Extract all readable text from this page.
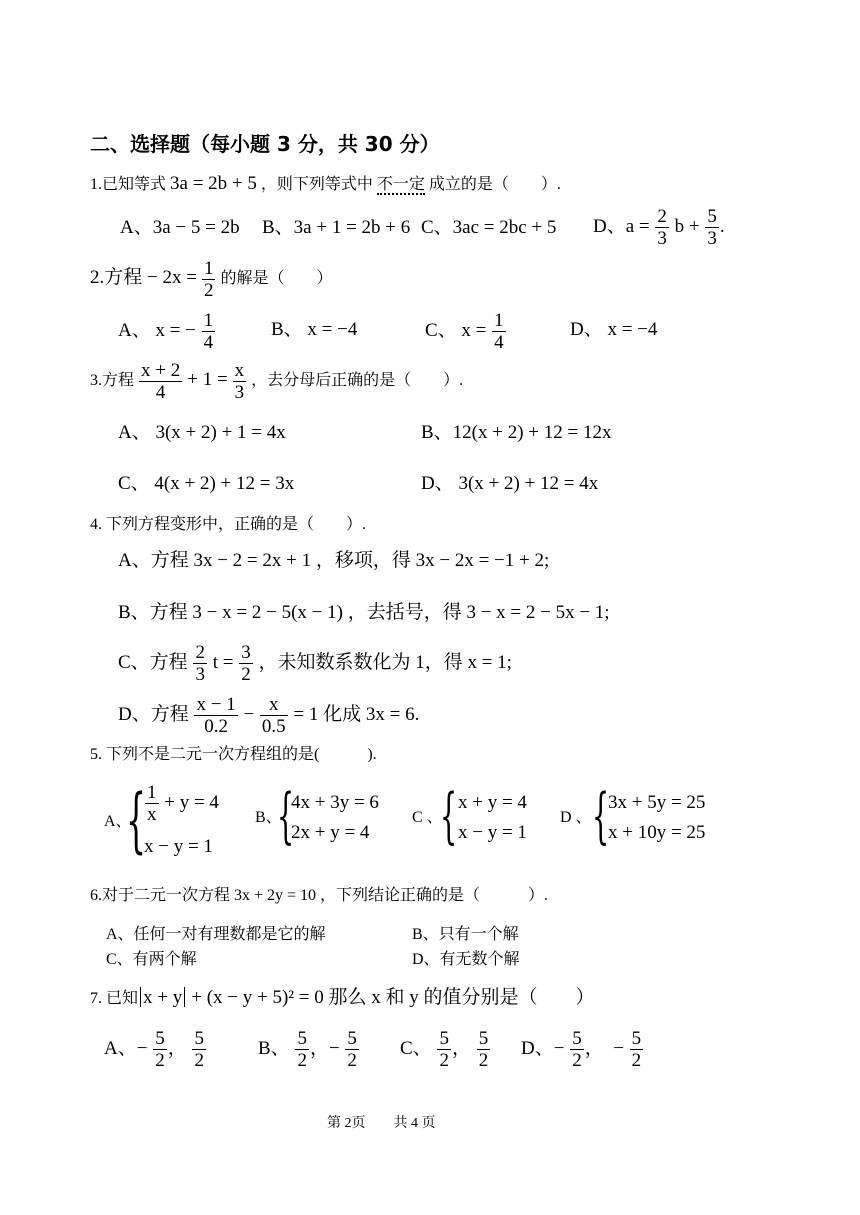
二、选择题（每小题 3 分，共 30 分）
1.已知等式 3a = 2b + 5 ，则下列等式中 不一定 成立的是（　　）.
A、3a − 5 = 2b B、3a + 1 = 2b + 6 C、3ac = 2bc + 5 D、$a = \frac{2}{3}$ $b + \frac{5}{3}$ .
2.方程 − $2x = \frac{1}{2}$ 的解是（　　）
A、 x = − $\frac{1}{4}$	B、 x = −4	C、 $x = \frac{1}{4}$	D、 x = −4
3.方程 $\frac{x + 2}{4} + 1 = \frac{x}{3}$ ，去分母后正确的是（　　）.
A、 3(x + 2) + 1 = 4x	B、12(x + 2) + 12 = 12x
C、 4(x + 2) + 12 = 3x	D、 3(x + 2) + 12 = 4x
4. 下列方程变形中，正确的是（　　）.
A、方程 3x − 2 = 2x + 1 ，移项，得 3x − 2x = −1 + 2;
B、方程 3 − x = 2 − 5(x − 1) ，去括号，得 3 − x = 2 − 5x − 1;
C、方程 $\frac{2}{3}$ $t = \frac{3}{2}$ ，未知数系数化为 1，得 x = 1;
D、方程 $\frac{x - 1}{0.2} - \frac{x}{0.5} = 1$ 化成 3x = 6.
5. 下列不是二元一次方程组的是(　　　).
A、
{
$\frac{1}{x} + y = 4$
x − y = 1
B、
{
4x + 3y = 6
2x + y = 4
C 、
{ x + y = 4
x − y = 1
D 、 {
3x + 5y = 25
x + 10y = 25
6.对于二元一次方程 3x + 2y = 10 ，下列结论正确的是（　　　）.
A、任何一对有理数都是它的解	B、只有一个解
C、有两个解	D、有无数个解
7. 已知 x + y + (x − y + 5)² = 0 那么 x 和 y 的值分别是（　　）
A、− $\frac{5}{2}$ ， $\frac{5}{2}$	B、 $\frac{5}{2}$ ，− $\frac{5}{2}$ C、 $\frac{5}{2}$ ， $\frac{5}{2}$ D、− $\frac{5}{2}$ ，　− $\frac{5}{2}$
第 2页　　共 4 页
